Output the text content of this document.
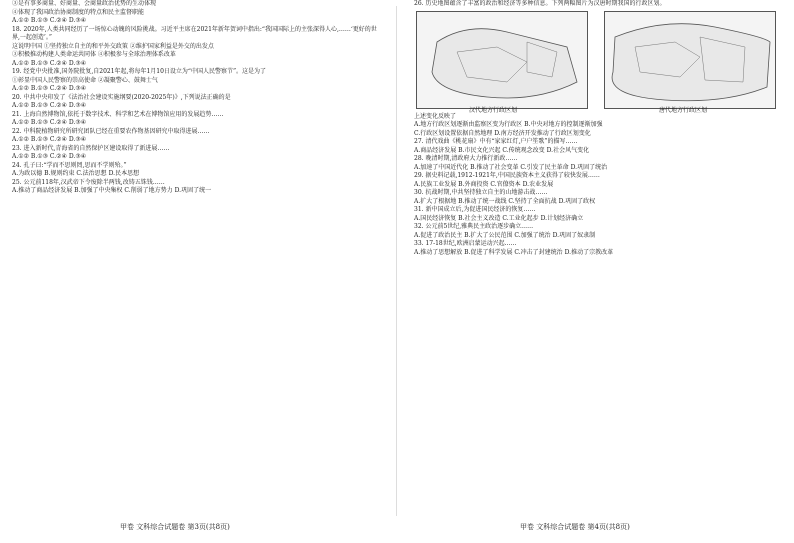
③是有事多商量、好商量、会商量政治优势的生动体现

④体现了我国政治协商制度的特点和民主监督职能

A.①② B.①③ C.②④ D.③④

18. 2020年,人类共同经历了一场惊心动魄的风险挑战。习近平主席在2021年新年贺词中指出:“我国国际上的主张深得人心,……‘更好的世界,一起创造’。”

这说明中国 ①坚持独立自主的和平外交政策 ②维护国家利益是外交的出发点

③积极推动构建人类命运共同体 ④积极参与全球治理体系改革

A.①② B.①③ C.②④ D.③④

19. 经党中央批准,国务院批复,自2021年起,将每年1月10日设立为“中国人民警察节”。这是为了

①彰显中国人民警察的崇高使命 ②凝聚警心、鼓舞士气

A.①② B.①③ C.②④ D.③④

20. 中共中央印发了《法治社会建设实施纲要(2020-2025年)》,下列说法正确的是

A.①② B.①③ C.②④ D.③④

21. 上海自然博物馆,依托于数字技术、科学和艺术在博物馆应用的发展趋势……

A.①② B.①③ C.②④ D.③④

22. 中科院植物研究所研究团队已经在重要农作物基因研究中取得进展……

A.①② B.①③ C.②④ D.③④

23. 进入新时代,青海省的自然保护区建设取得了新进展……

A.①② B.①③ C.②④ D.③④

24. 孔子曰:“学而不思则罔,思而不学则殆。”

A.为政以德 B.规则约束 C.法治思想 D.民本思想

25. 公元前118年,汉武帝下令废除半两钱,改铸五铢钱……

A.推动了商品经济发展 B.加强了中央集权 C.削弱了地方势力 D.巩固了统一

26. 历史地图蕴含了丰富的政治和经济等多种信息。下列两幅图片为汉唐时期我国的行政区划。

汉代地方行政区划	唐代地方行政区划

上述变化反映了

A.地方行政区划逐渐由监察区变为行政区 B.中央对地方的控制逐渐加强

C.行政区划设置依据自然地理 D.南方经济开发推动了行政区划变化

27. 清代戏曲《桃花扇》中有“家家红灯,户户笙歌”的描写……

A.商品经济发展 B.市民文化兴起 C.传统观念改变 D.社会风气变化

28. 晚清时期,清政府大力推行新政……

A.加速了中国近代化 B.推动了社会变革 C.引发了民主革命 D.巩固了统治

29. 据史料记载,1912-1921年,中国民族资本主义获得了较快发展……

A.民族工业发展 B.外商投资 C.官僚资本 D.农业发展

30. 抗战时期,中共坚持独立自主的山地游击战……

A.扩大了根据地 B.推动了统一战线 C.坚持了全面抗战 D.巩固了政权

31. 新中国成立后,为促进国民经济的恢复……

A.国民经济恢复 B.社会主义改造 C.工业化起步 D.计划经济确立

32. 公元前5世纪,雅典民主政治逐步确立……

A.促进了政治民主 B.扩大了公民范围 C.加强了统治 D.巩固了奴隶制

33. 17-18世纪,欧洲启蒙运动兴起……

A.推动了思想解放 B.促进了科学发展 C.冲击了封建统治 D.推动了宗教改革

甲卷 文科综合试题卷 第3页(共8页)	甲卷 文科综合试题卷 第4页(共8页)
